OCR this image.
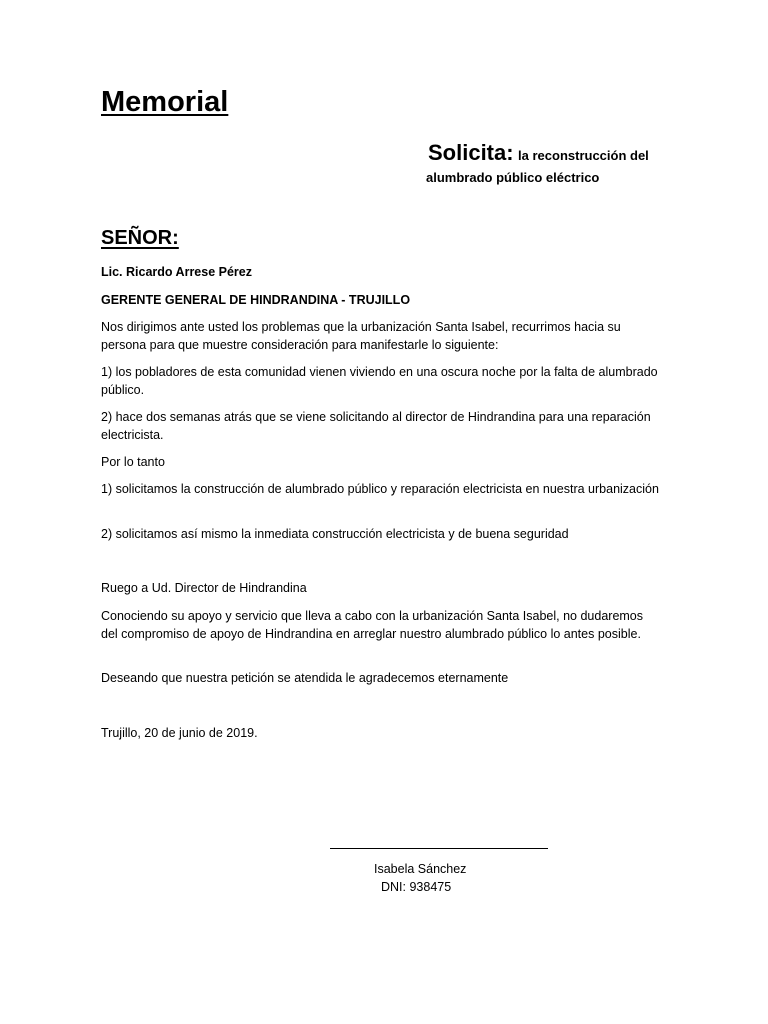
Memorial

Solicita: la reconstrucción del
alumbrado público eléctrico

SEÑOR:

Lic. Ricardo Arrese Pérez

GERENTE GENERAL DE HINDRANDINA - TRUJILLO

Nos dirigimos ante usted los problemas que la urbanización Santa Isabel, recurrimos hacia su persona para que muestre consideración para manifestarle lo siguiente:

1) los pobladores de esta comunidad vienen viviendo en una oscura noche por la falta de alumbrado público.

2) hace dos semanas atrás que se viene solicitando al director de Hindrandina para una reparación electricista.

Por lo tanto

1) solicitamos la construcción de alumbrado público y reparación electricista en nuestra urbanización

2) solicitamos así mismo la inmediata construcción electricista y de buena seguridad

Ruego a Ud. Director de Hindrandina

Conociendo su apoyo y servicio que lleva a cabo con la urbanización Santa Isabel, no dudaremos del compromiso de apoyo de Hindrandina en arreglar nuestro alumbrado público lo antes posible.

Deseando que nuestra petición se atendida le agradecemos eternamente

Trujillo, 20 de junio de 2019.

Isabela Sánchez

DNI: 938475
